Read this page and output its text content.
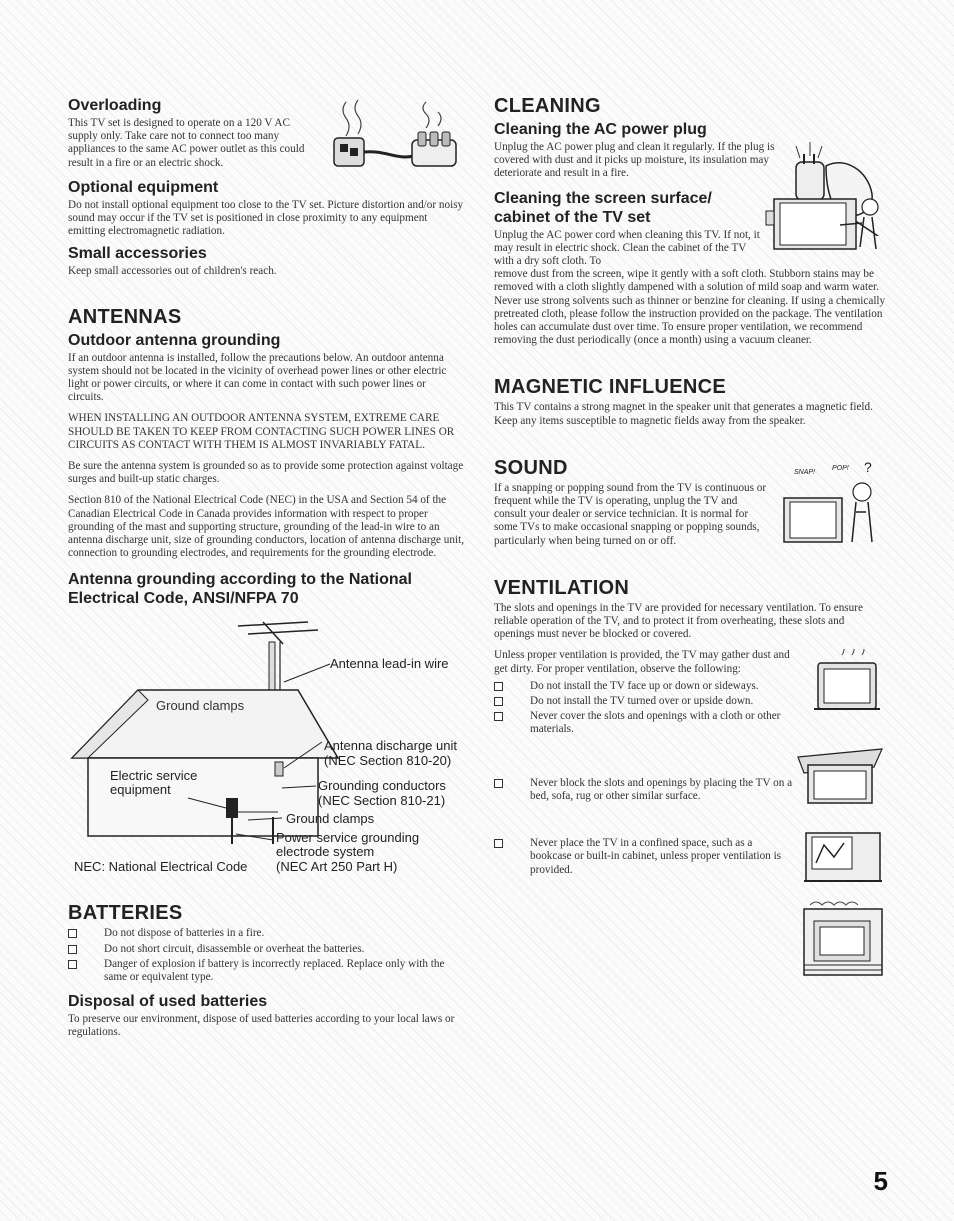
Overloading

This TV set is designed to operate on a 120 V AC supply only. Take care not to connect too many appliances to the same AC power outlet as this could result in a fire or an electric shock.

Optional equipment

Do not install optional equipment too close to the TV set. Picture distortion and/or noisy sound may occur if the TV set is positioned in close proximity to any equipment emitting electromagnetic radiation.

Small accessories

Keep small accessories out of children's reach.

ANTENNAS
Outdoor antenna grounding

If an outdoor antenna is installed, follow the precautions below. An outdoor antenna system should not be located in the vicinity of overhead power lines or other electric light or power circuits, or where it can come in contact with such power lines or circuits.

WHEN INSTALLING AN OUTDOOR ANTENNA SYSTEM, EXTREME CARE SHOULD BE TAKEN TO KEEP FROM CONTACTING SUCH POWER LINES OR CIRCUITS AS CONTACT WITH THEM IS ALMOST INVARIABLY FATAL.

Be sure the antenna system is grounded so as to provide some protection against voltage surges and built-up static charges.

Section 810 of the National Electrical Code (NEC) in the USA and Section 54 of the Canadian Electrical Code in Canada provides information with respect to proper grounding of the mast and supporting structure, grounding of the lead-in wire to an antenna discharge unit, size of grounding conductors, location of antenna discharge unit, connection to grounding electrodes, and requirements for the grounding electrode.

Antenna grounding according to the National Electrical Code, ANSI/NFPA 70
Antenna lead-in wire
Ground clamps
Antenna discharge unit
(NEC Section 810-20)
Electric service
equipment	Grounding conductors
(NEC Section 810-21)
Ground clamps
Power service grounding
electrode system
(NEC Art 250 Part H)
NEC: National Electrical Code
BATTERIES
Do not dispose of batteries in a fire.
Do not short circuit, disassemble or overheat the batteries.
Danger of explosion if battery is incorrectly replaced. Replace only with the same or equivalent type.
Disposal of used batteries

To preserve our environment, dispose of used batteries according to your local laws or regulations.

CLEANING
Cleaning the AC power plug

Unplug the AC power plug and clean it regularly. If the plug is covered with dust and it picks up moisture, its insulation may deteriorate and result in a fire.

Cleaning the screen surface/
cabinet of the TV set

Unplug the AC power cord when cleaning this TV. If not, it may result in electric shock. Clean the cabinet of the TV with a dry soft cloth. To

remove dust from the screen, wipe it gently with a soft cloth. Stubborn stains may be removed with a cloth slightly dampened with a solution of mild soap and warm water. Never use strong solvents such as thinner or benzine for cleaning. If using a chemically pretreated cloth, please follow the instruction provided on the package. The ventilation holes can accumulate dust over time. To ensure proper ventilation, we recommend removing the dust periodically (once a month) using a vacuum cleaner.

MAGNETIC INFLUENCE

This TV contains a strong magnet in the speaker unit that generates a magnetic field. Keep any items susceptible to magnetic fields away from the speaker.

SOUND

If a snapping or popping sound from the TV is continuous or frequent while the TV is operating, unplug the TV and consult your dealer or service technician. It is normal for some TVs to make occasional snapping or popping sounds, particularly when being turned on or off.

SNAP!
POP! ?
VENTILATION

The slots and openings in the TV are provided for necessary ventilation. To ensure reliable operation of the TV, and to protect it from overheating, these slots and openings must never be blocked or covered.

Unless proper ventilation is provided, the TV may gather dust and get dirty. For proper ventilation, observe the following:

Do not install the TV face up or down or sideways.
Do not install the TV turned over or upside down.
Never cover the slots and openings with a cloth or other materials.
Never block the slots and openings by placing the TV on a bed, sofa, rug or other similar surface.
Never place the TV in a confined space, such as a bookcase or built-in cabinet, unless proper ventilation is provided.
5
